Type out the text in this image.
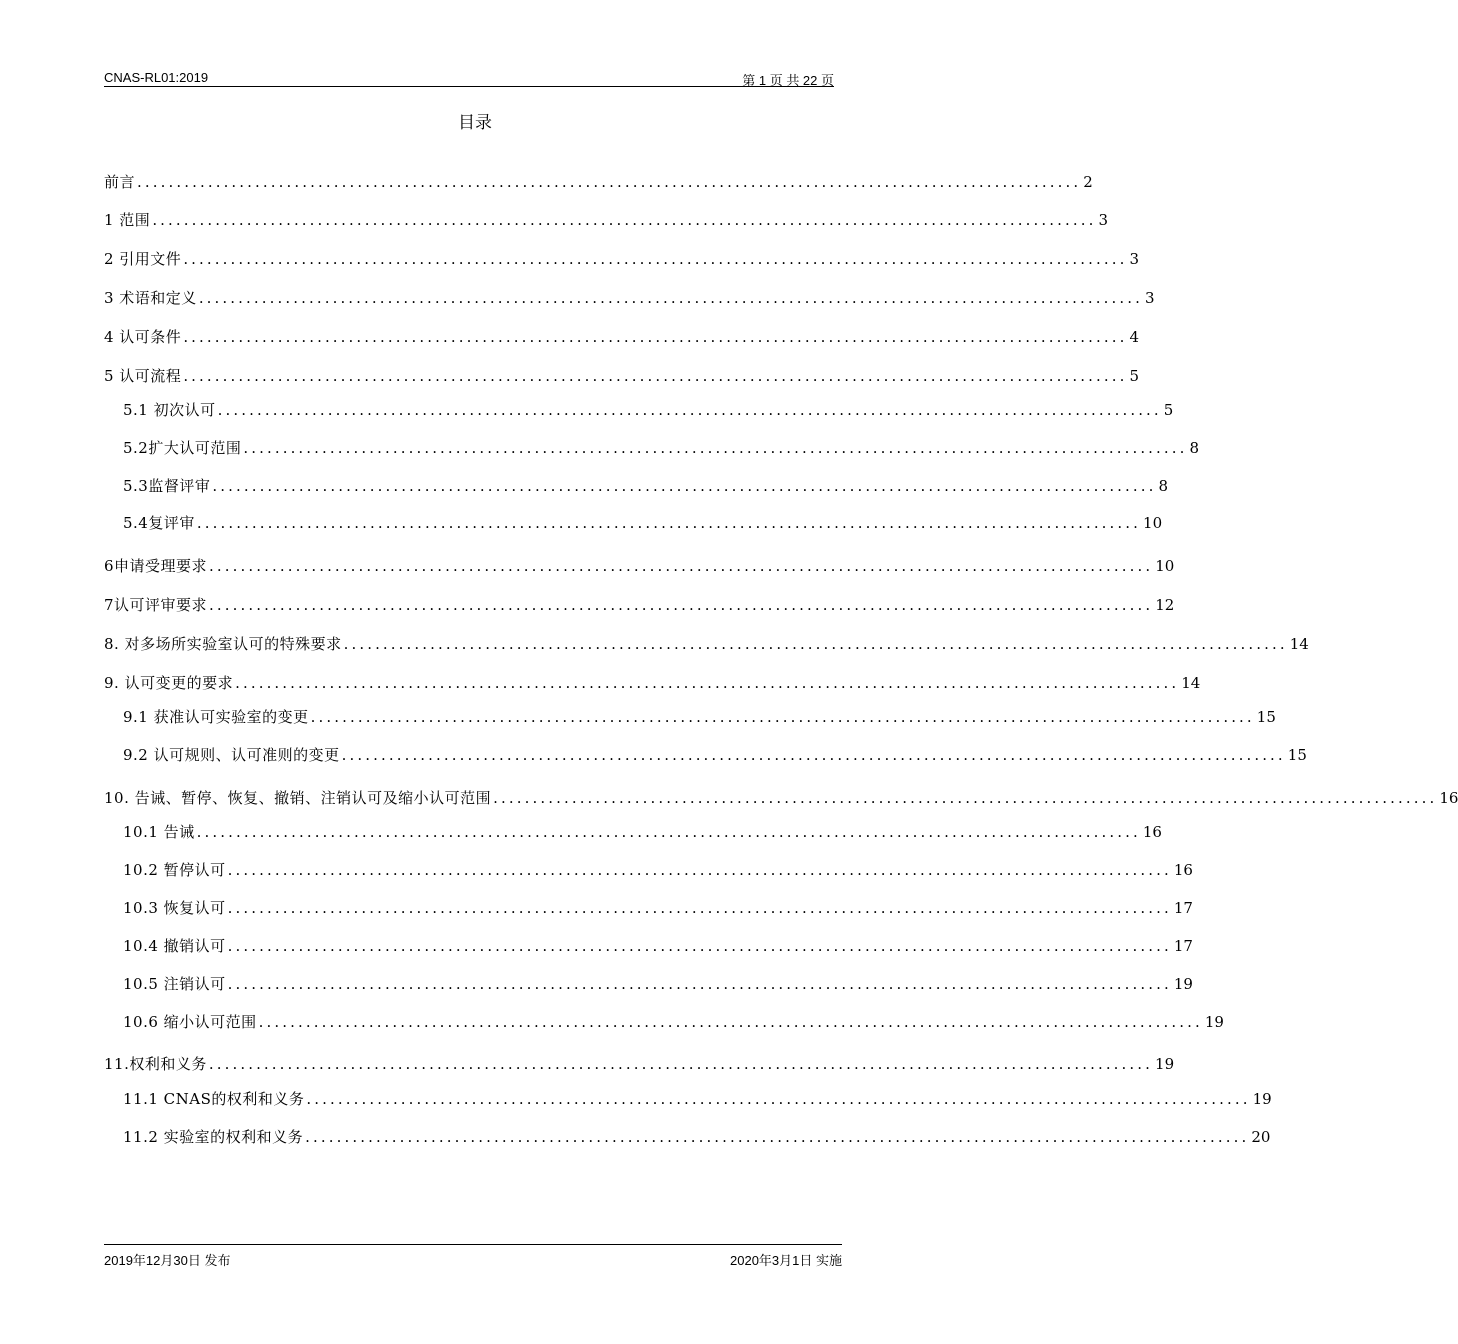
CNAS-RL01:2019	第 1 页 共 22 页
目录
前言 ........................................................................................................................ 2
1 范围 ........................................................................................................................ 3
2 引用文件 ........................................................................................................................ 3
3 术语和定义 ........................................................................................................................ 3
4 认可条件 ........................................................................................................................ 4
5 认可流程 ........................................................................................................................ 5
5.1 初次认可 ........................................................................................................................ 5
5.2扩大认可范围 ........................................................................................................................ 8
5.3监督评审 ........................................................................................................................ 8
5.4复评审 ........................................................................................................................ 10
6申请受理要求 ........................................................................................................................ 10
7认可评审要求 ........................................................................................................................ 12
8. 对多场所实验室认可的特殊要求 ........................................................................................................................ 14
9. 认可变更的要求 ........................................................................................................................ 14
9.1 获准认可实验室的变更 ........................................................................................................................ 15
9.2 认可规则、认可准则的变更 ........................................................................................................................ 15
10. 告诫、暂停、恢复、撤销、注销认可及缩小认可范围 ........................................................................................................................ 16
10.1 告诫 ........................................................................................................................ 16
10.2 暂停认可 ........................................................................................................................ 16
10.3 恢复认可 ........................................................................................................................ 17
10.4 撤销认可 ........................................................................................................................ 17
10.5 注销认可 ........................................................................................................................ 19
10.6 缩小认可范围 ........................................................................................................................ 19
11.权利和义务 ........................................................................................................................ 19
11.1 CNAS的权利和义务 ........................................................................................................................ 19
11.2 实验室的权利和义务 ........................................................................................................................ 20
2019年12月30日 发布	2020年3月1日 实施
